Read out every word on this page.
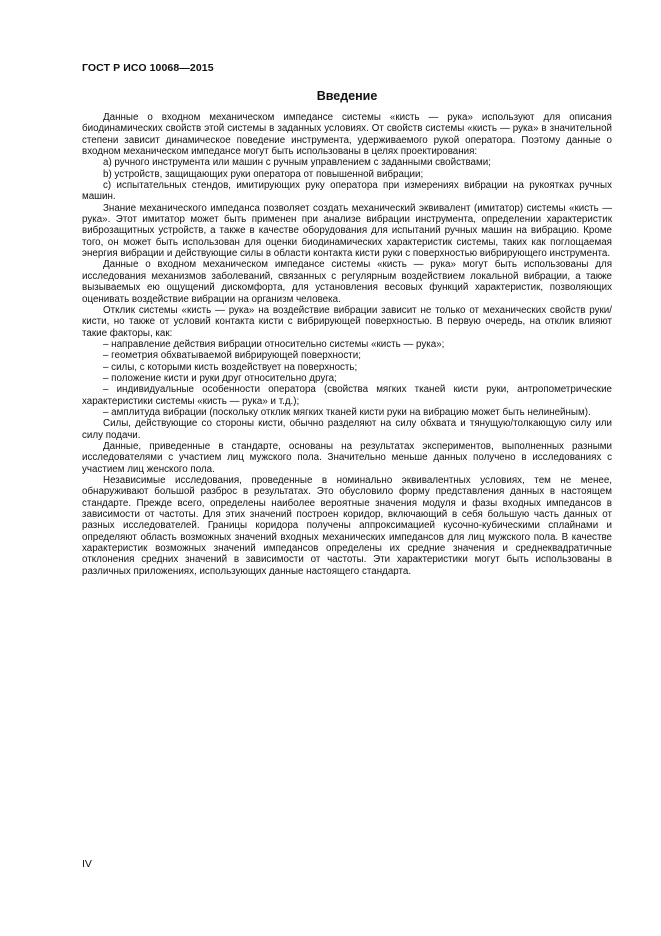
ГОСТ Р ИСО 10068—2015
Введение

Данные о входном механическом импедансе системы «кисть — рука» используют для описания биодинамических свойств этой системы в заданных условиях. От свойств системы «кисть — рука» в значительной степени зависит динамическое поведение инструмента, удерживаемого рукой оператора. Поэтому данные о входном механическом импедансе могут быть использованы в целях проектирования:

a) ручного инструмента или машин с ручным управлением с заданными свойствами;

b) устройств, защищающих руки оператора от повышенной вибрации;

c) испытательных стендов, имитирующих руку оператора при измерениях вибрации на рукоятках ручных машин.

Знание механического импеданса позволяет создать механический эквивалент (имитатор) системы «кисть — рука». Этот имитатор может быть применен при анализе вибрации инструмента, определении характеристик виброзащитных устройств, а также в качестве оборудования для испытаний ручных машин на вибрацию. Кроме того, он может быть использован для оценки биодинамических характеристик системы, таких как поглощаемая энергия вибрации и действующие силы в области контакта кисти руки с поверхностью вибрирующего инструмента.

Данные о входном механическом импедансе системы «кисть — рука» могут быть использованы для исследования механизмов заболеваний, связанных с регулярным воздействием локальной вибрации, а также вызываемых ею ощущений дискомфорта, для установления весовых функций характеристик, позволяющих оценивать воздействие вибрации на организм человека.

Отклик системы «кисть — рука» на воздействие вибрации зависит не только от механических свойств руки/кисти, но также от условий контакта кисти с вибрирующей поверхностью. В первую очередь, на отклик влияют такие факторы, как:

– направление действия вибрации относительно системы «кисть — рука»;

– геометрия обхватываемой вибрирующей поверхности;

– силы, с которыми кисть воздействует на поверхность;

– положение кисти и руки друг относительно друга;

– индивидуальные особенности оператора (свойства мягких тканей кисти руки, антропометрические характеристики системы «кисть — рука» и т.д.);

– амплитуда вибрации (поскольку отклик мягких тканей кисти руки на вибрацию может быть нелинейным).

Силы, действующие со стороны кисти, обычно разделяют на силу обхвата и тянущую/толкающую силу или силу подачи.

Данные, приведенные в стандарте, основаны на результатах экспериментов, выполненных разными исследователями с участием лиц мужского пола. Значительно меньше данных получено в исследованиях с участием лиц женского пола.

Независимые исследования, проведенные в номинально эквивалентных условиях, тем не менее, обнаруживают большой разброс в результатах. Это обусловило форму представления данных в настоящем стандарте. Прежде всего, определены наиболее вероятные значения модуля и фазы входных импедансов в зависимости от частоты. Для этих значений построен коридор, включающий в себя большую часть данных от разных исследователей. Границы коридора получены аппроксимацией кусочно-кубическими сплайнами и определяют область возможных значений входных механических импедансов для лиц мужского пола. В качестве характеристик возможных значений импедансов определены их средние значения и среднеквадратичные отклонения средних значений в зависимости от частоты. Эти характеристики могут быть использованы в различных приложениях, использующих данные настоящего стандарта.

IV
